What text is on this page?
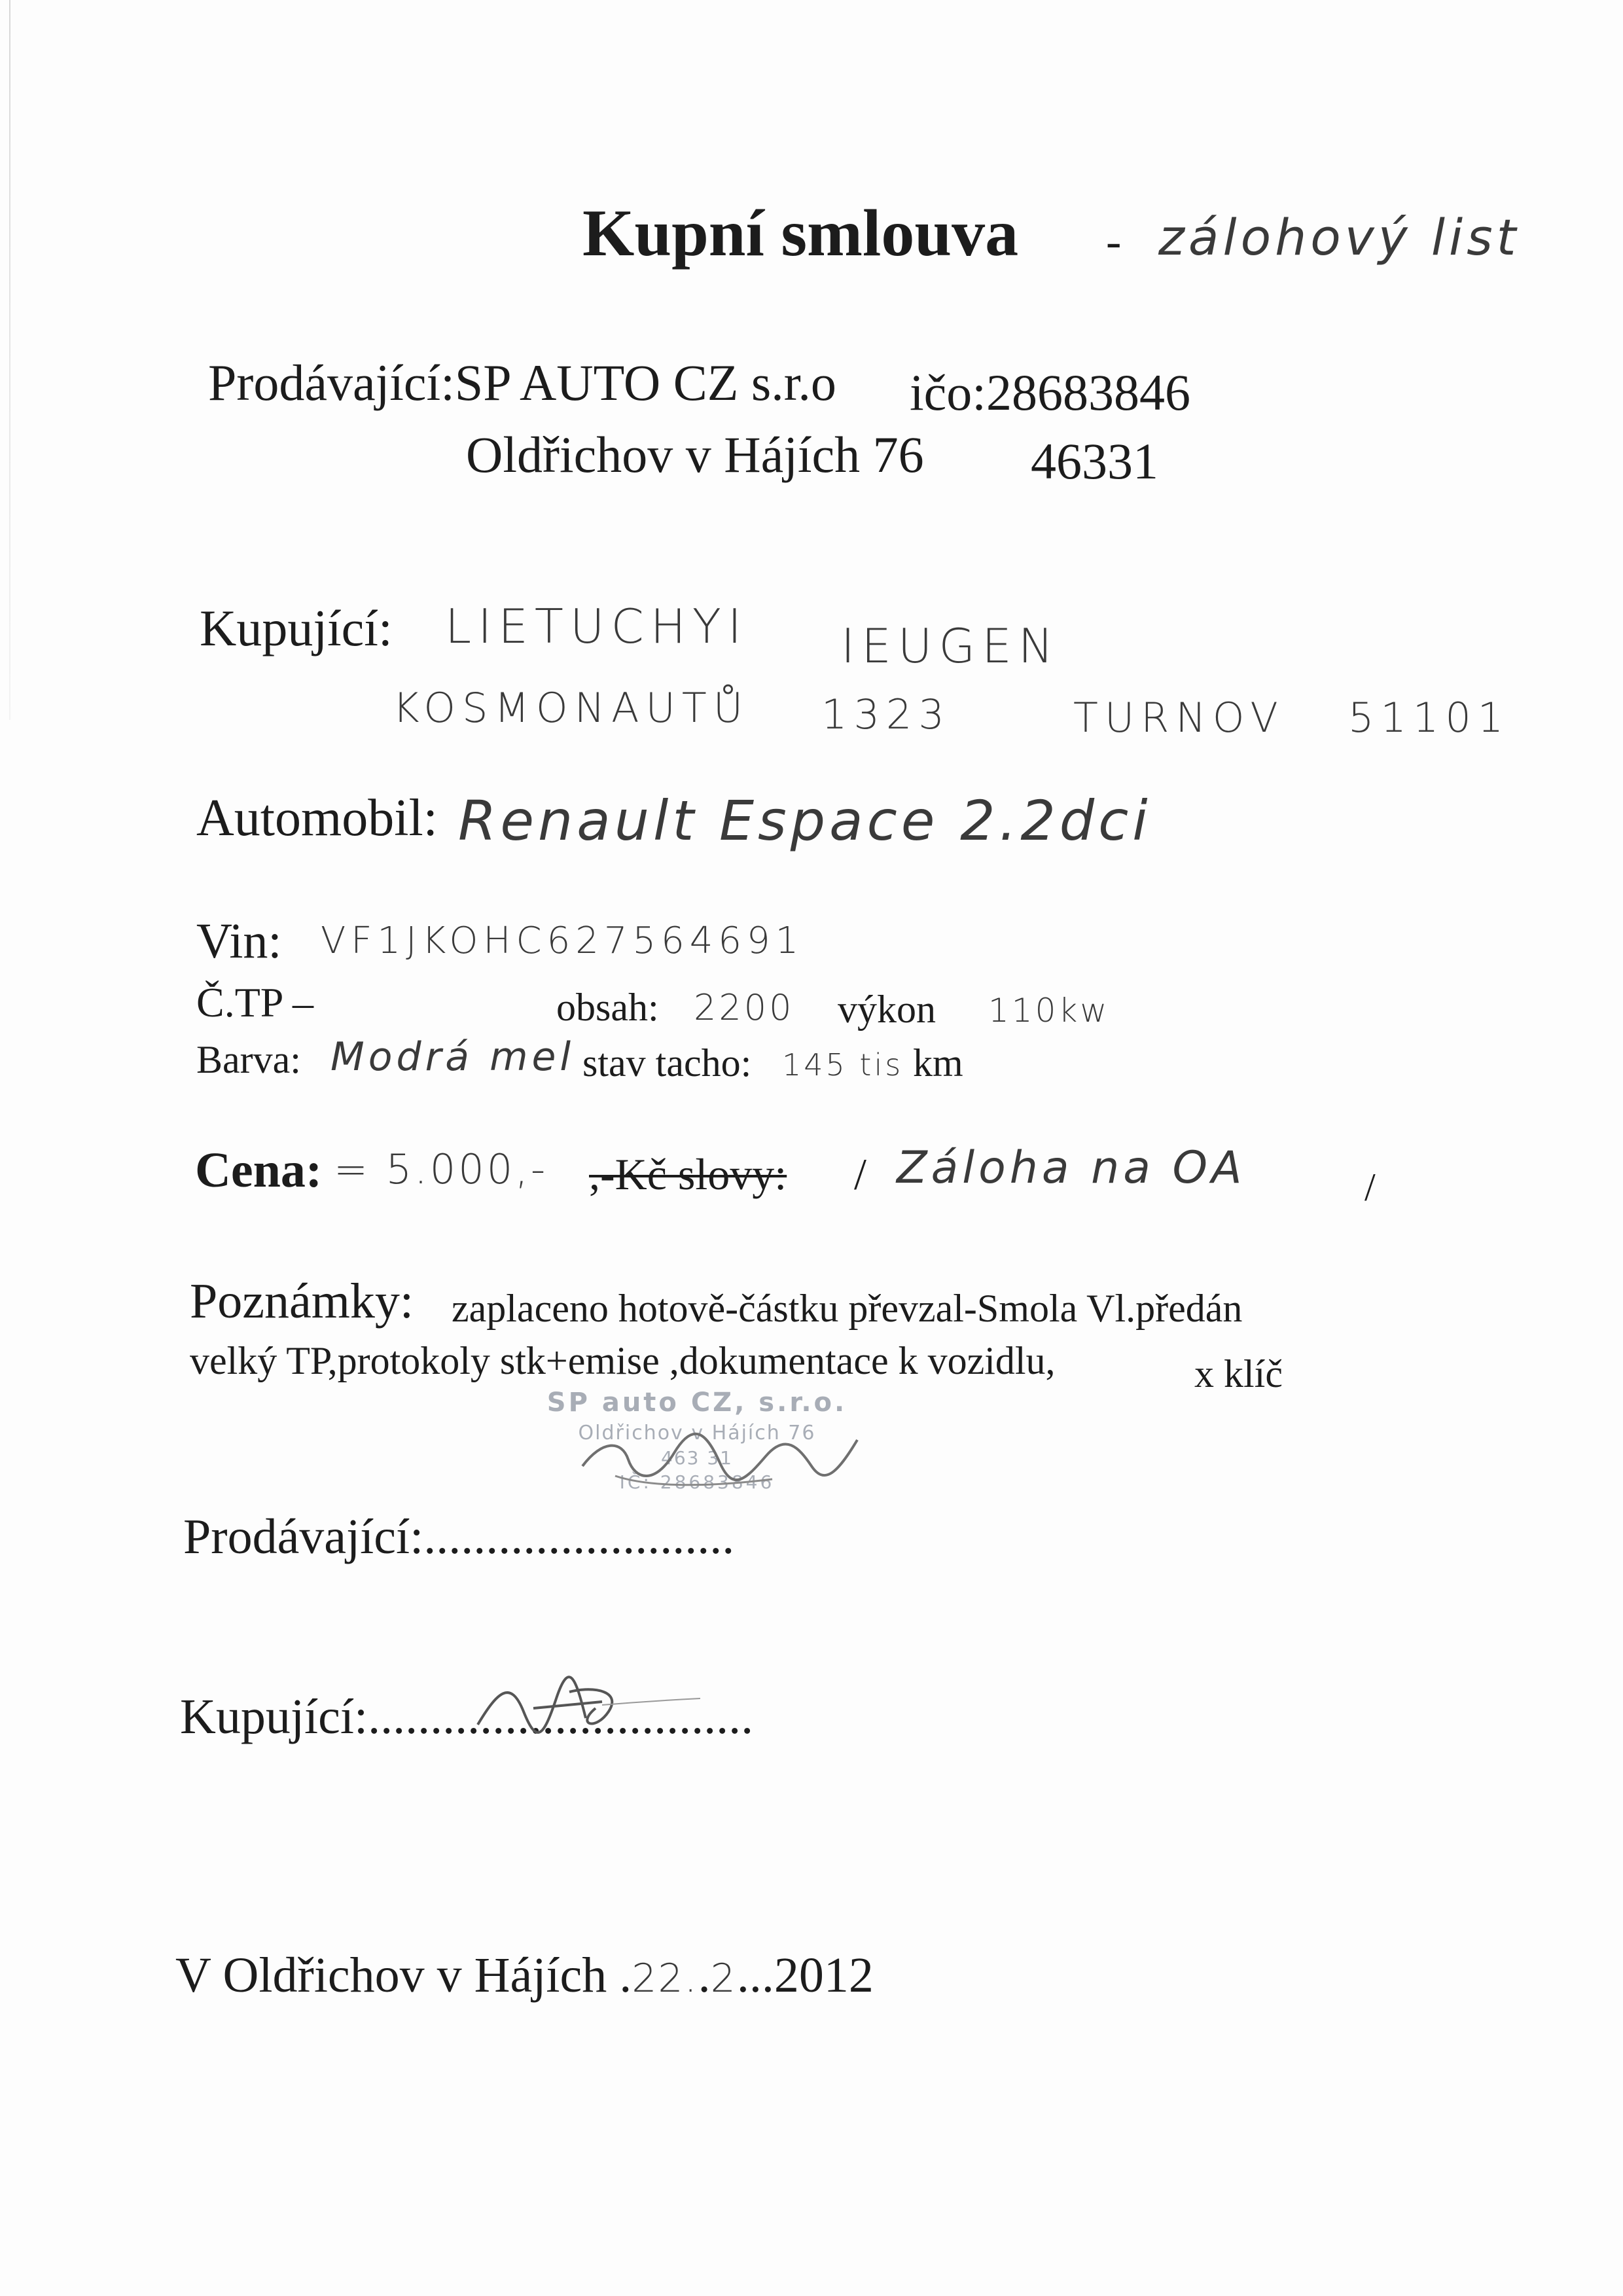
Kupní smlouva - zálohový list
Prodávající:SP AUTO CZ s.r.o ičo:28683846
Oldřichov v Hájích 76 46331
Kupující: LIETUCHYI IEUGEN
KOSMONAUTŮ 1323	TURNOV 51101
Automobil: Renault Espace 2.2dci
Vin: VF1JKOHC627564691
Č.TP –	obsah: 2200 výkon 110kw
Barva: Modrá mel stav tacho: 145 tis km
Cena: = 5.000,- ,-Kč slovy: / Záloha na OA	/
Poznámky: zaplaceno hotově-částku převzal-Smola Vl.předán
velký TP,protokoly stk+emise ,dokumentace k vozidlu,	x klíč
SP auto CZ, s.r.o.
Oldřichov v Hájích 76
463 31
IČ: 28683846
Prodávající:.........................
Kupující:...............................
V Oldřichov v Hájích .22..2...2012
